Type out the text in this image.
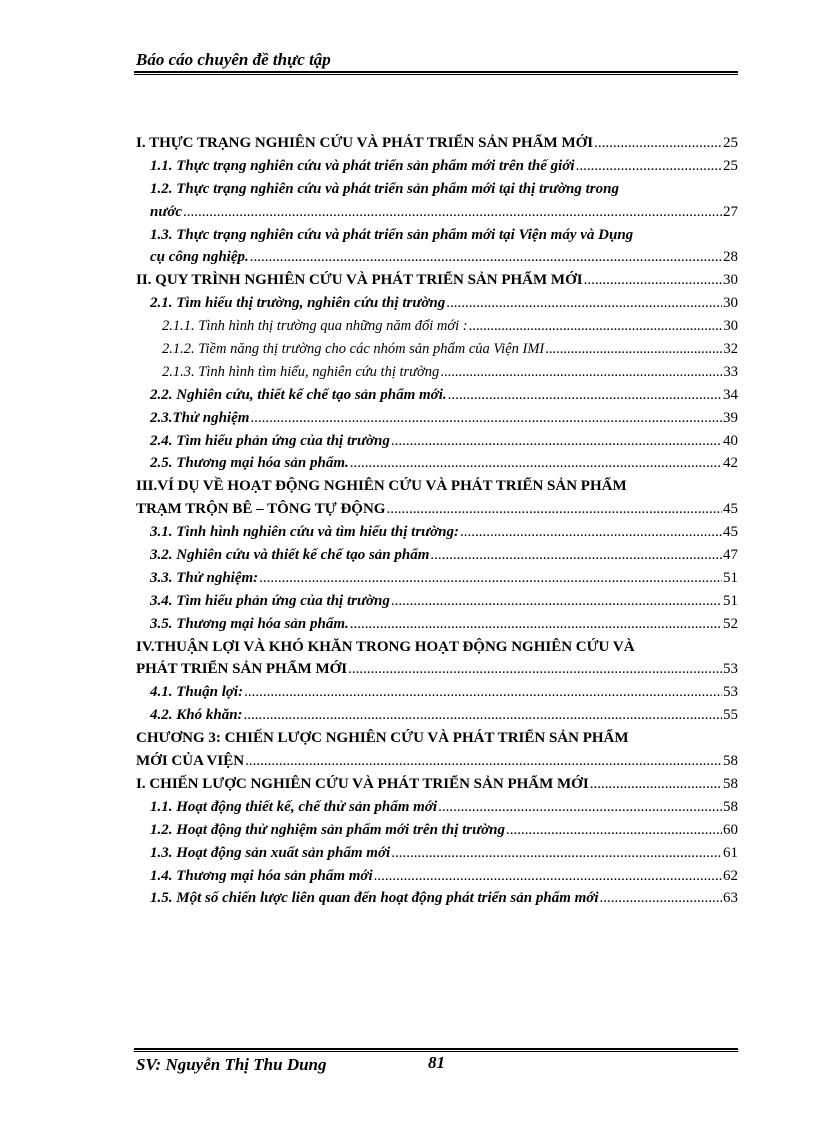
Báo cáo chuyên đề thực tập
I. THỰC TRẠNG NGHIÊN CỨU VÀ PHÁT TRIỂN SẢN PHẨM MỚI .....	25
1.1. Thực trạng nghiên cứu và phát triển sản phẩm mới trên thế giới .....	25
1.2. Thực trạng nghiên cứu và phát triển sản phẩm mới tại thị trường trong
nước .....	27
1.3. Thực trạng nghiên cứu và phát triển sản phẩm mới tại Viện máy và Dụng
cụ công nghiệp. .....	28
II. QUY TRÌNH NGHIÊN CỨU VÀ PHÁT TRIỂN SẢN PHẨM MỚI .....	30
2.1. Tìm hiểu thị trường, nghiên cứu thị trường .....	30
2.1.1. Tình hình thị trường qua những năm đổi mới : .....	30
2.1.2. Tiềm năng thị trường cho các nhóm sản phẩm của Viện IMI .....	32
2.1.3. Tình hình tìm hiểu, nghiên cứu thị trường .....	33
2.2. Nghiên cứu, thiết kế chế tạo sản phẩm mới. .....	34
2.3.Thử nghiệm .....	39
2.4. Tìm hiểu phản ứng của thị trường .....	40
2.5. Thương mại hóa sản phẩm. .....	42
III.VÍ DỤ VỀ HOẠT ĐỘNG NGHIÊN CỨU VÀ PHÁT TRIỂN SẢN PHẨM
TRẠM TRỘN BÊ – TÔNG TỰ ĐỘNG .....	45
3.1. Tình hình nghiên cứu và tìm hiểu thị trường: .....	45
3.2. Nghiên cứu và thiết kế chế tạo sản phẩm .....	47
3.3. Thử nghiệm: .....	51
3.4. Tìm hiểu phản ứng của thị trường .....	51
3.5. Thương mại hóa sản phẩm. .....	52
IV.THUẬN LỢI VÀ KHÓ KHĂN TRONG HOẠT ĐỘNG NGHIÊN CỨU VÀ
PHÁT TRIỂN SẢN PHẨM MỚI .....	53
4.1. Thuận lợi: .....	53
4.2. Khó khăn: .....	55
CHƯƠNG 3: CHIẾN LƯỢC NGHIÊN CỨU VÀ PHÁT TRIỂN SẢN PHẨM
MỚI CỦA VIỆN .....	58
I. CHIẾN LƯỢC NGHIÊN CỨU VÀ PHÁT TRIỂN SẢN PHẨM MỚI .....	58
1.1. Hoạt động thiết kế, chế thử sản phẩm mới .....	58
1.2. Hoạt động thử nghiệm sản phẩm mới trên thị trường .....	60
1.3. Hoạt động sản xuất sản phẩm mới .....	61
1.4. Thương mại hóa sản phẩm mới .....	62
1.5. Một số chiến lược liên quan đến hoạt động phát triển sản phẩm mới .....	63
SV: Nguyễn Thị Thu Dung	81
